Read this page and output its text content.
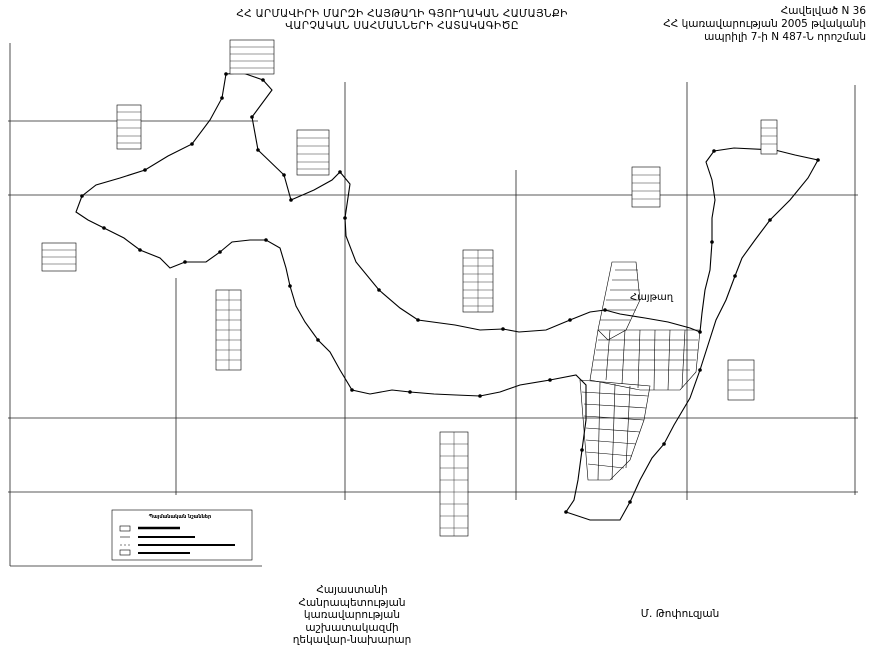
ՀՀ ԱՐՄԱՎԻՐԻ ՄԱՐԶԻ ՀԱՅԹԱՂԻ ԳՅՈՒՂԱԿԱՆ ՀԱՄԱՅՆՔԻ
ՎԱՐՉԱԿԱՆ ՍԱՀՄԱՆՆԵՐԻ ՀԱՏԱԿԱԳԻԾԸ
Հավելված N 36
ՀՀ կառավարության 2005 թվականի
ապրիլի 7-ի N 487-Ն որոշման
Պայմանական նշաններ
Հայթաղ
Հայաստանի Հանրապետության
կառավարության աշխատակազմի
ղեկավար-նախարար
Մ. Թոփուզյան
